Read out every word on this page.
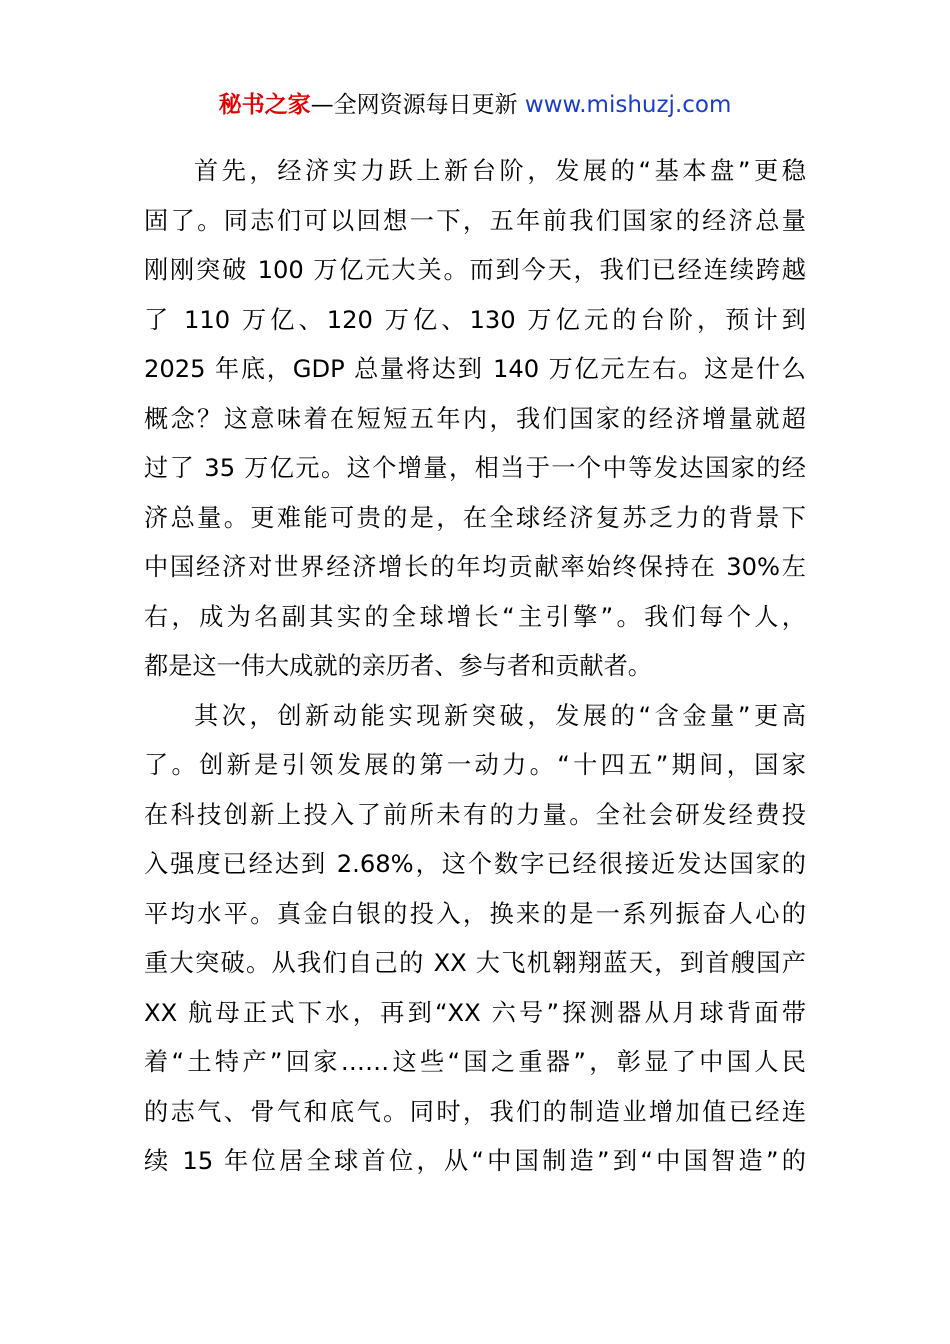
秘书之家—全网资源每日更新 www.mishuzj.com
首先，经济实力跃上新台阶，发展的“基本盘”更稳
固了。同志们可以回想一下，五年前我们国家的经济总量
刚刚突破 100 万亿元大关。而到今天，我们已经连续跨越
了 110 万亿、120 万亿、130 万亿元的台阶，预计到
2025 年底，GDP 总量将达到 140 万亿元左右。这是什么
概念？这意味着在短短五年内，我们国家的经济增量就超
过了 35 万亿元。这个增量，相当于一个中等发达国家的经
济总量。更难能可贵的是，在全球经济复苏乏力的背景下
中国经济对世界经济增长的年均贡献率始终保持在 30%左
右，成为名副其实的全球增长“主引擎”。我们每个人，
都是这一伟大成就的亲历者、参与者和贡献者。
其次，创新动能实现新突破，发展的“含金量”更高
了。创新是引领发展的第一动力。“十四五”期间，国家
在科技创新上投入了前所未有的力量。全社会研发经费投
入强度已经达到 2.68%，这个数字已经很接近发达国家的
平均水平。真金白银的投入，换来的是一系列振奋人心的
重大突破。从我们自己的 XX 大飞机翱翔蓝天，到首艘国产
XX 航母正式下水，再到“XX 六号”探测器从月球背面带
着“土特产”回家……这些“国之重器”，彰显了中国人民
的志气、骨气和底气。同时，我们的制造业增加值已经连
续 15 年位居全球首位，从“中国制造”到“中国智造”的
